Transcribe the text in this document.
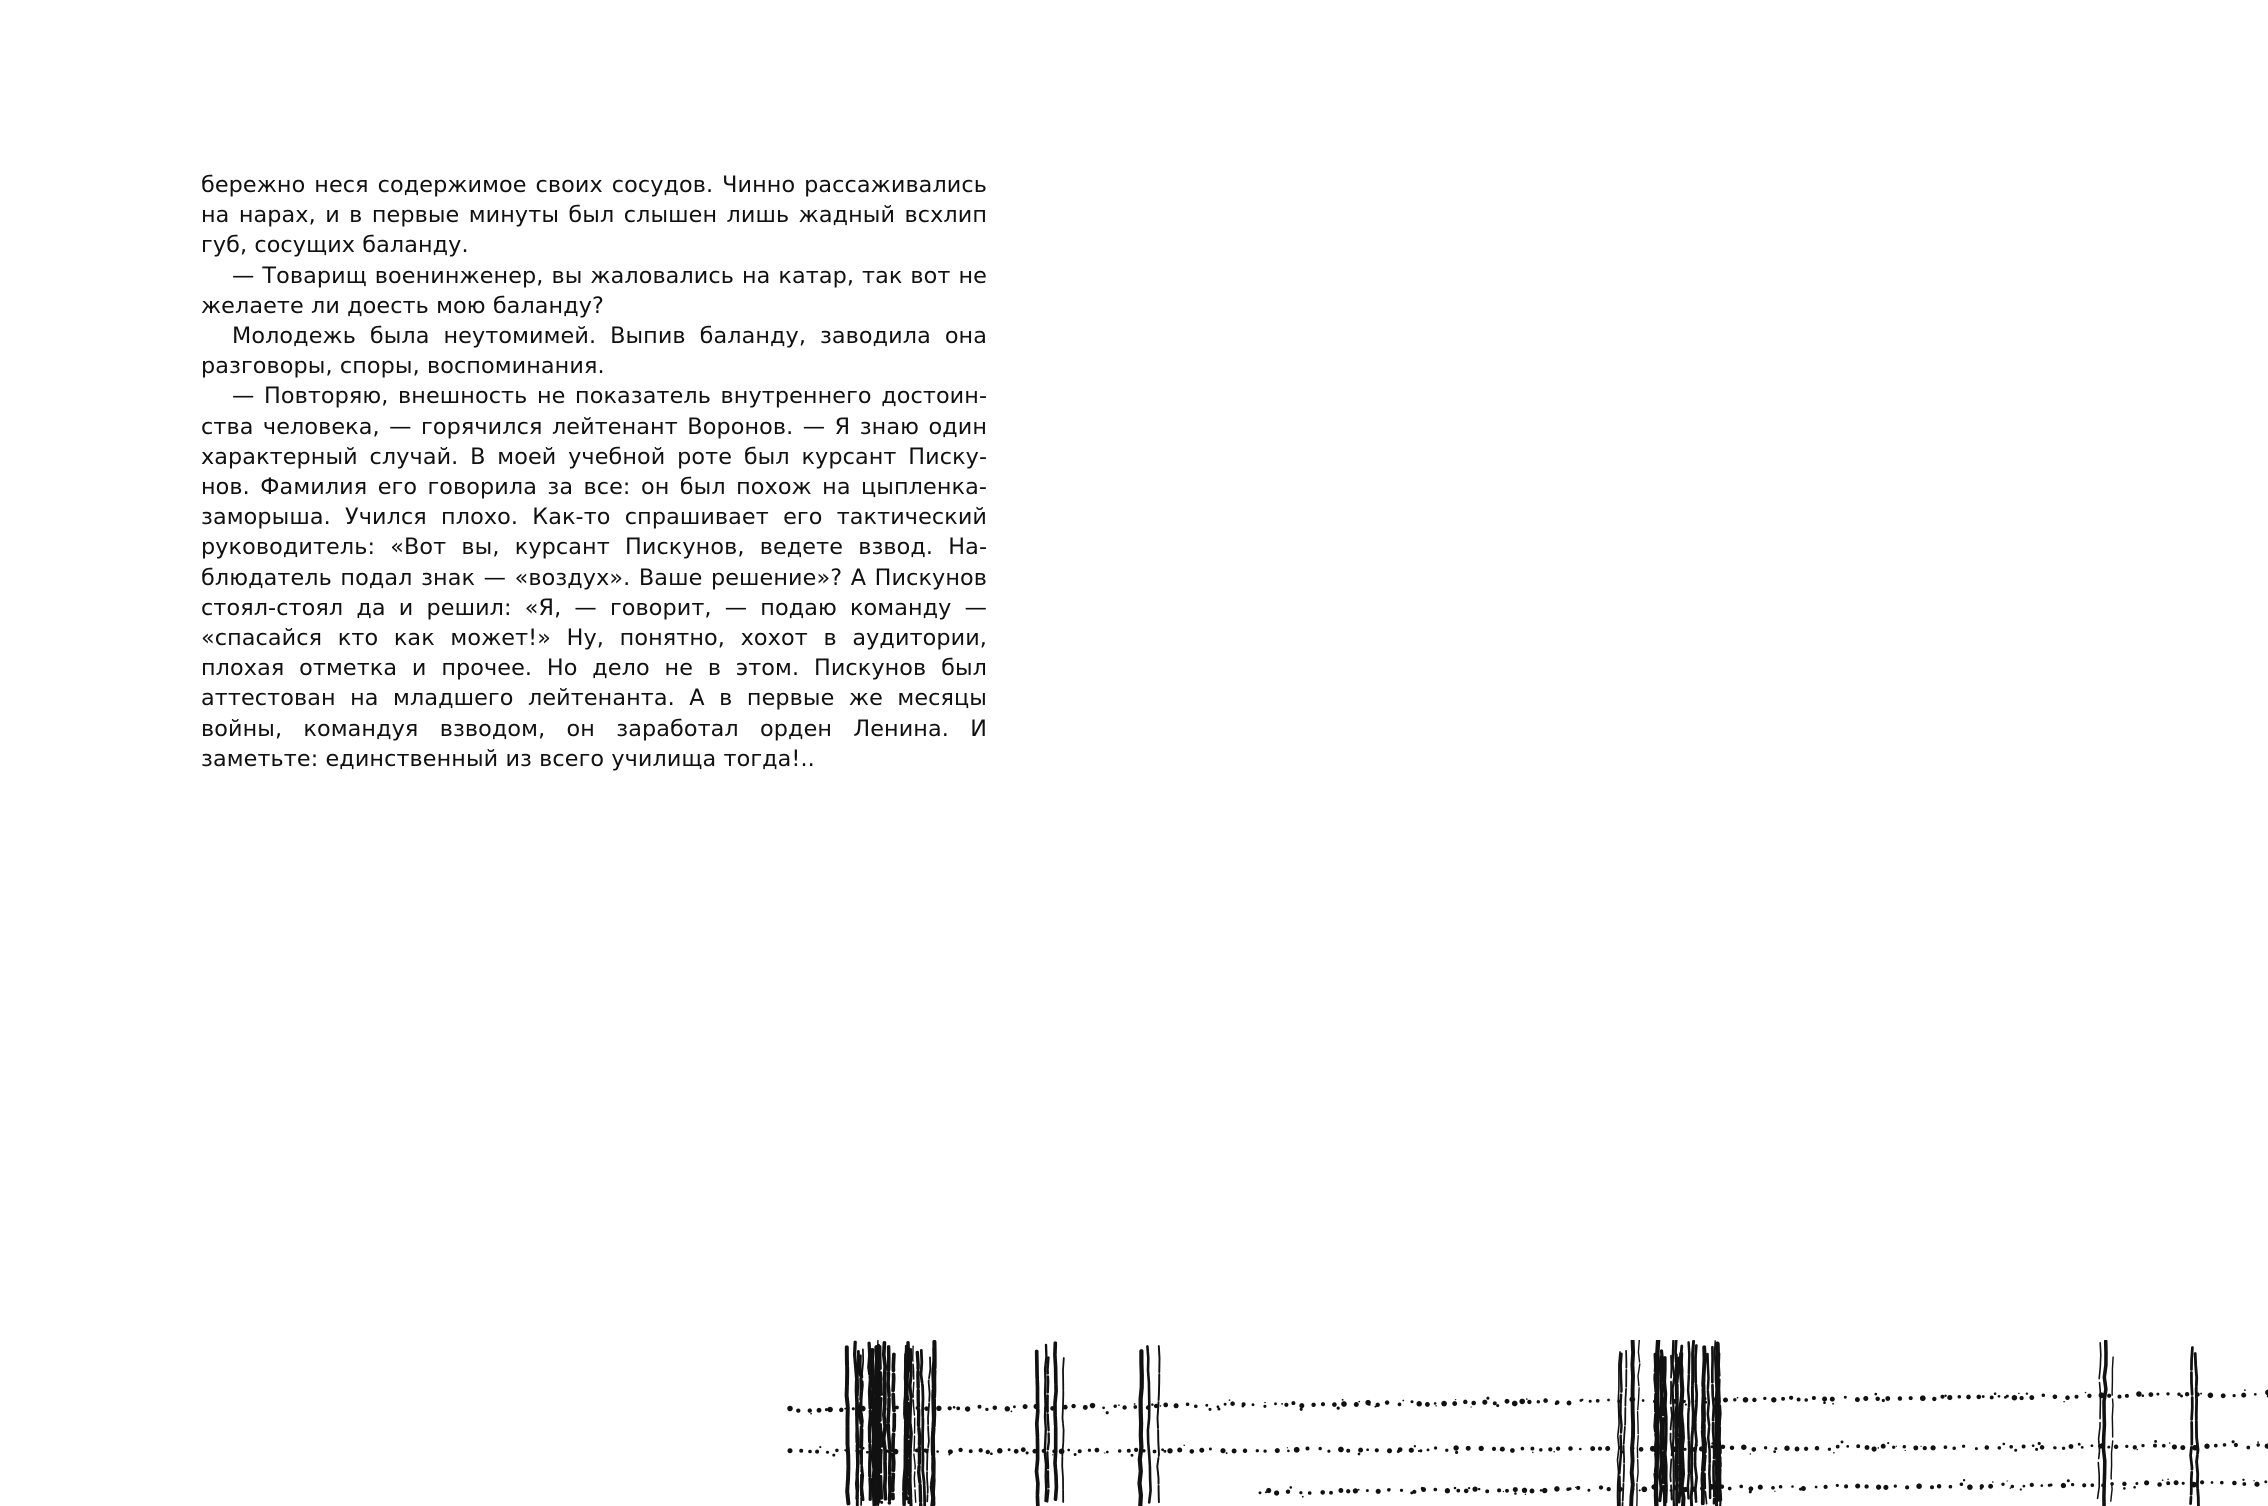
бережно неся содержимое своих сосудов. Чинно рассаживались на нарах, и в первые минуты был слышен лишь жадный всхлип губ, сосущих баланду.

— Товарищ военинженер, вы жаловались на катар, так вот не желаете ли доесть мою баланду?

Молодежь была неутомимей. Выпив баланду, заводила она разговоры, споры, воспоминания.

— Повторяю, внешность не показатель внутреннего достоинства человека, — горячился лейтенант Воронов. — Я знаю один характерный случай. В моей учебной роте был курсант Пискунов. Фамилия его говорила за все: он был похож на цыпленка-заморыша. Учился плохо. Как-то спрашивает его тактический руководитель: «Вот вы, курсант Пискунов, ведете взвод. Наблюдатель подал знак — «воздух». Ваше решение»? А Пискунов стоял-стоял да и решил: «Я, — говорит, — подаю команду — «спасайся кто как может!» Ну, понятно, хохот в аудитории, плохая отметка и прочее. Но дело не в этом. Пискунов был аттестован на младшего лейтенанта. А в первые же месяцы войны, командуя взводом, он заработал орден Ленина. И заметьте: единственный из всего училища тогда!..
